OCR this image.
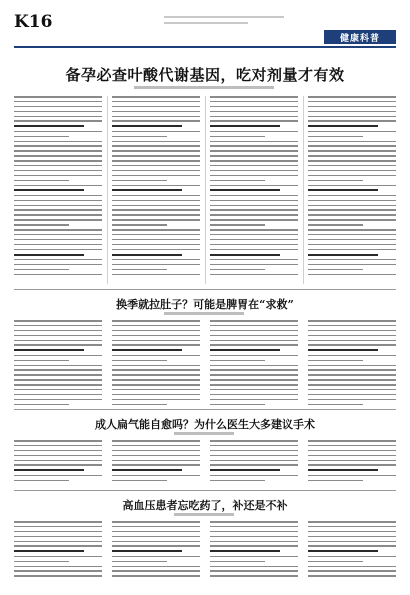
K16
健康科普
备孕必查叶酸代谢基因，吃对剂量才有效
换季就拉肚子？可能是脾胃在“求救”
成人扁气能自愈吗？为什么医生大多建议手术
高血压患者忘吃药了，补还是不补
